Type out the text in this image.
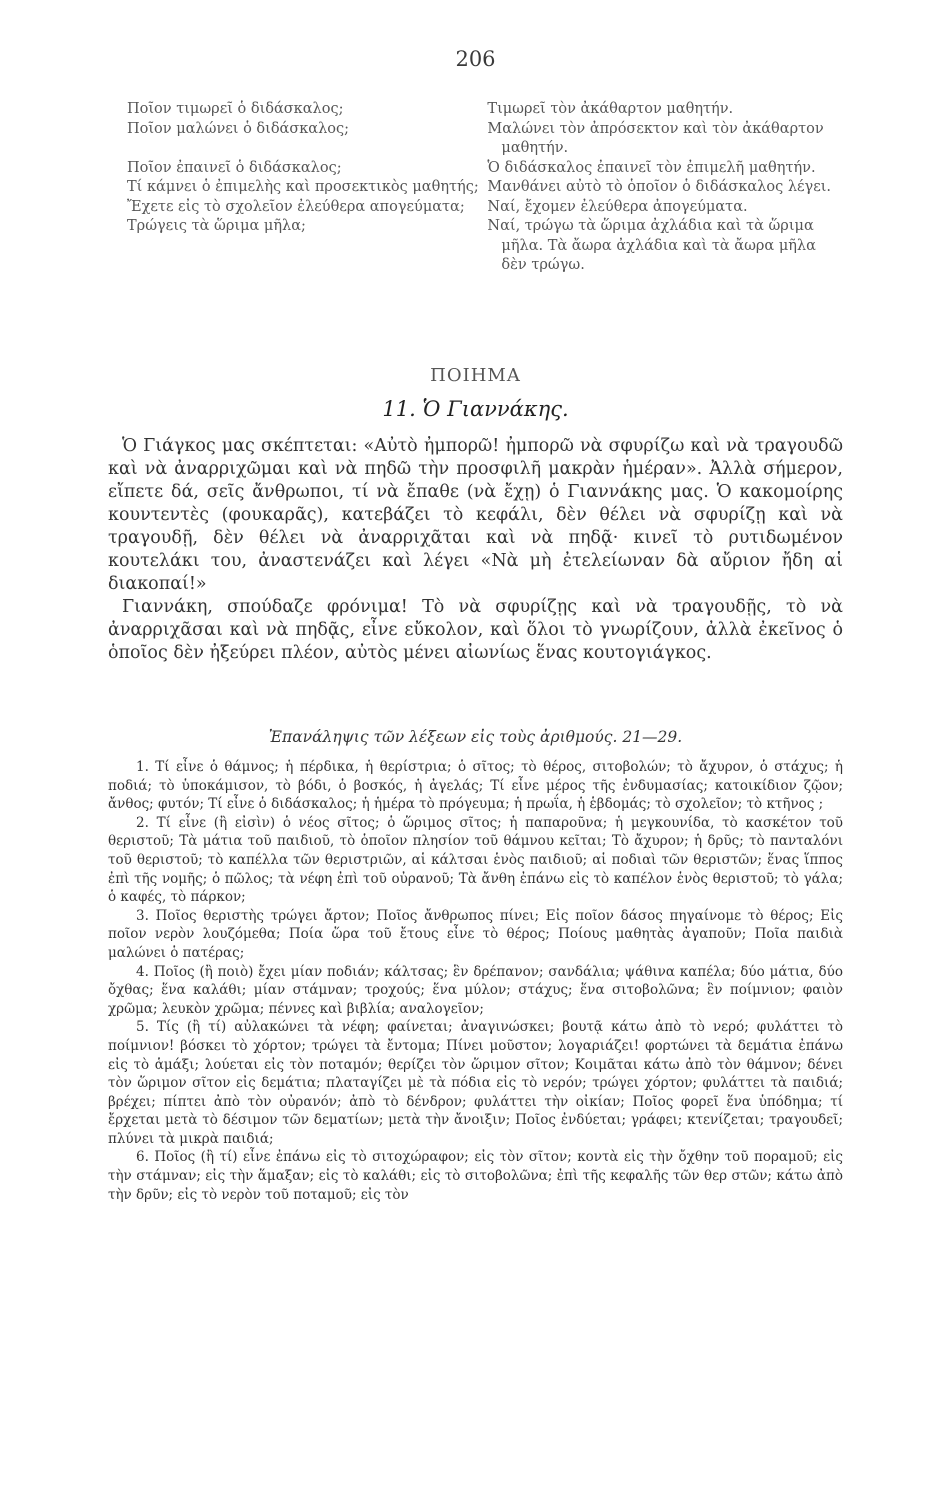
206
Ποῖον τιμωρεῖ ὁ διδάσκαλος;	Τιμωρεῖ τὸν ἀκάθαρτον μαθητήν.
Ποῖον μαλώνει ὁ διδάσκαλος;	Μαλώνει τὸν ἀπρόσεκτον καὶ τὸν ἀκάθαρτον μαθητήν.
Ποῖον ἐπαινεῖ ὁ διδάσκαλος;	Ὁ διδάσκαλος ἐπαινεῖ τὸν ἐπιμελῆ μαθητήν.
Τί κάμνει ὁ ἐπιμελὴς καὶ προσεκτικὸς μαθητής; Μανθάνει αὐτὸ τὸ ὁποῖον ὁ διδάσκαλος λέγει.
Ἔχετε εἰς τὸ σχολεῖον ἐλεύθερα απογεύματα;	Ναί, ἔχομεν ἐλεύθερα ἀπογεύματα.
Τρώγεις τὰ ὥριμα μῆλα;	Ναί, τρώγω τὰ ὥριμα ἀχλάδια καὶ τὰ ὥριμα μῆλα. Τὰ ἄωρα ἀχλάδια καὶ τὰ ἄωρα μῆλα δὲν τρώγω.
ΠΟΙΗΜΑ
11. Ὁ Γιαννάκης.

Ὁ Γιάγκος μας σκέπτεται: «Αὐτὸ ἠμπορῶ! ἠμπορῶ νὰ σφυρίζω καὶ νὰ τραγουδῶ καὶ νὰ ἀναρριχῶμαι καὶ νὰ πηδῶ τὴν προσφιλῆ μακρὰν ἡμέραν». Ἀλλὰ σήμερον, εἴπετε δά, σεῖς ἄνθρωποι, τί νὰ ἔπαθε (νὰ ἔχῃ) ὁ Γιαννάκης μας. Ὁ κακομοίρης κουντεντὲς (φουκαρᾶς), κατεβάζει τὸ κεφάλι, δὲν θέλει νὰ σφυρίζῃ καὶ νὰ τραγουδῇ, δὲν θέλει νὰ ἀναρριχᾶται καὶ νὰ πηδᾷ· κινεῖ τὸ ρυτιδωμένον κουτελάκι του, ἀναστενάζει καὶ λέγει «Νὰ μὴ ἐτελείωναν δὰ αὔριον ἤδη αἱ διακοπαί!»

Γιαννάκη, σπούδαζε φρόνιμα! Τὸ νὰ σφυρίζῃς καὶ νὰ τραγουδῇς, τὸ νὰ ἀναρριχᾶσαι καὶ νὰ πηδᾷς, εἶνε εὔκολον, καὶ ὅλοι τὸ γνωρίζουν, ἀλλὰ ἐκεῖνος ὁ ὁποῖος δὲν ἠξεύρει πλέον, αὐτὸς μένει αἰωνίως ἕνας κουτογιάγκος.

Ἐπανάληψις τῶν λέξεων εἰς τοὺς ἀριθμούς. 21—29.

1. Τί εἶνε ὁ θάμνος; ἡ πέρδικα, ἡ θερίστρια; ὁ σῖτος; τὸ θέρος, σιτοβολών; τὸ ἄχυρον, ὁ στάχυς; ἡ ποδιά; τὸ ὑποκάμισον, τὸ βόδι, ὁ βοσκός, ἡ ἀγελάς; Τί εἶνε μέρος τῆς ἐνδυμασίας; κατοικίδιον ζῷον; ἄνθος; φυτόν; Τί εἶνε ὁ διδάσκαλος; ἡ ἡμέρα τὸ πρόγευμα; ἡ πρωΐα, ἡ ἑβδομάς; τὸ σχολεῖον; τὸ κτῆνος ;

2. Τί εἶνε (ἢ εἰσὶν) ὁ νέος σῖτος; ὁ ὥριμος σῖτος; ἡ παπαροῦνα; ἡ μεγκουνίδα, τὸ κασκέτον τοῦ θεριστοῦ; Τὰ μάτια τοῦ παιδιοῦ, τὸ ὁποῖον πλησίον τοῦ θάμνου κεῖται; Τὸ ἄχυρον; ἡ δρῦς; τὸ πανταλόνι τοῦ θεριστοῦ; τὸ καπέλλα τῶν θεριστριῶν, αἱ κάλτσαι ἑνὸς παιδιοῦ; αἱ ποδιαὶ τῶν θεριστῶν; ἕνας ἵππος ἐπὶ τῆς νομῆς; ὁ πῶλος; τὰ νέφη ἐπὶ τοῦ οὐρανοῦ; Τὰ ἄνθη ἐπάνω εἰς τὸ καπέλον ἑνὸς θεριστοῦ; τὸ γάλα; ὁ καφές, τὸ πάρκον;

3. Ποῖος θεριστὴς τρώγει ἄρτον; Ποῖος ἄνθρωπος πίνει; Εἰς ποῖον δάσος πηγαίνομε τὸ θέρος; Εἰς ποῖον νερὸν λουζόμεθα; Ποία ὥρα τοῦ ἔτους εἶνε τὸ θέρος; Ποίους μαθητὰς ἀγαποῦν; Ποῖα παιδιὰ μαλώνει ὁ πατέρας;

4. Ποῖος (ἢ ποιὸ) ἔχει μίαν ποδιάν; κάλτσας; ἓν δρέπανον; σανδάλια; ψάθινα καπέλα; δύο μάτια, δύο ὄχθας; ἕνα καλάθι; μίαν στάμναν; τροχούς; ἕνα μύλον; στάχυς; ἕνα σιτοβολῶνα; ἓν ποίμνιον; φαιὸν χρῶμα; λευκὸν χρῶμα; πέννες καὶ βιβλία; αναλογεῖον;

5. Τίς (ἢ τί) αὐλακώνει τὰ νέφη; φαίνεται; ἀναγινώσκει; βουτᾷ κάτω ἀπὸ τὸ νερό; φυλάττει τὸ ποίμνιον! βόσκει τὸ χόρτον; τρώγει τὰ ἔντομα; Πίνει μοῦστον; λογαριάζει! φορτώνει τὰ δεμάτια ἐπάνω εἰς τὸ ἁμάξι; λούεται εἰς τὸν ποταμόν; θερίζει τὸν ὥριμον σῖτον; Κοιμᾶται κάτω ἀπὸ τὸν θάμνον; δένει τὸν ὥριμον σῖτον εἰς δεμάτια; πλαταγίζει μὲ τὰ πόδια εἰς τὸ νερόν; τρώγει χόρτον; φυλάττει τὰ παιδιά; βρέχει; πίπτει ἀπὸ τὸν οὐρανόν; ἀπὸ τὸ δένδρον; φυλάττει τὴν οἰκίαν; Ποῖος φορεῖ ἕνα ὑπόδημα; τί ἔρχεται μετὰ τὸ δέσιμον τῶν δεματίων; μετὰ τὴν ἄνοιξιν; Ποῖος ἐνδύεται; γράφει; κτενίζεται; τραγουδεῖ; πλύνει τὰ μικρὰ παιδιά;

6. Ποῖος (ἢ τί) εἶνε ἐπάνω εἰς τὸ σιτοχώραφον; εἰς τὸν σῖτον; κοντὰ εἰς τὴν ὄχθην τοῦ ποραμοῦ; εἰς τὴν στάμναν; εἰς τὴν ἅμαξαν; εἰς τὸ καλάθι; εἰς τὸ σιτοβολῶνα; ἐπὶ τῆς κεφαλῆς τῶν θερ στῶν; κάτω ἀπὸ τὴν δρῦν; εἰς τὸ νερὸν τοῦ ποταμοῦ; εἰς τὸν
